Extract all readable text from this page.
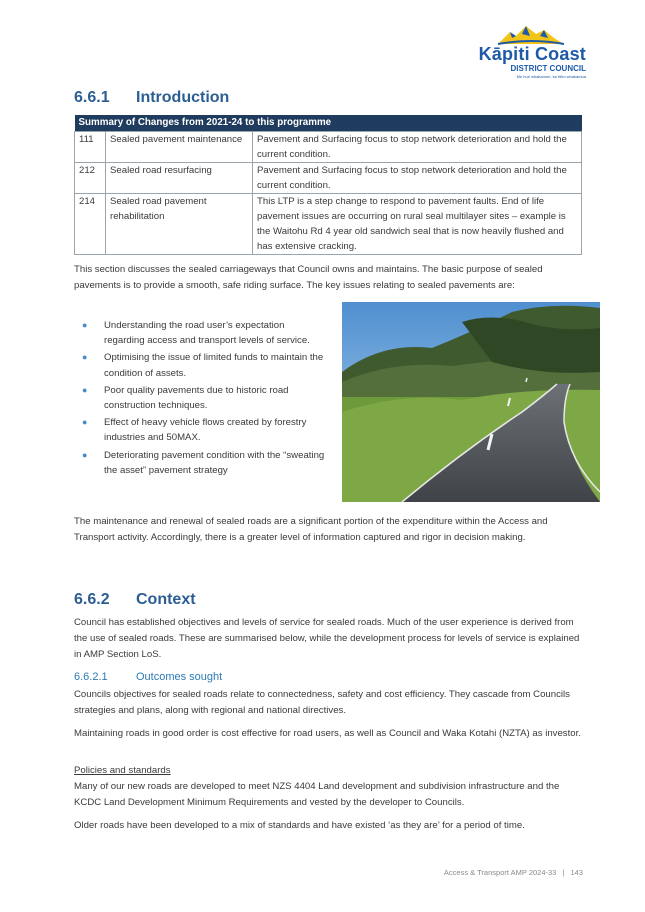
Kāpiti Coast
DISTRICT COUNCIL
Me huri whakamuri, ka titiro whakamua
6.6.1 Introduction
Summary of Changes from 2021-24 to this programme		
111	Sealed pavement maintenance	Pavement and Surfacing focus to stop network deterioration and hold the current condition.
212	Sealed road resurfacing	Pavement and Surfacing focus to stop network deterioration and hold the current condition.
214	Sealed road pavement rehabilitation	This LTP is a step change to respond to pavement faults. End of life pavement issues are occurring on rural seal multilayer sites – example is the Waitohu Rd 4 year old sandwich seal that is now heavily flushed and has extensive cracking.

This section discusses the sealed carriageways that Council owns and maintains. The basic purpose of sealed pavements is to provide a smooth, safe riding surface. The key issues relating to sealed pavements are:

● Understanding the road user’s expectation regarding access and transport levels of service.
● Optimising the issue of limited funds to maintain the condition of assets.
● Poor quality pavements due to historic road construction techniques.
● Effect of heavy vehicle flows created by forestry industries and 50MAX.
● Deteriorating pavement condition with the “sweating the asset” pavement strategy

The maintenance and renewal of sealed roads are a significant portion of the expenditure within the Access and Transport activity. Accordingly, there is a greater level of information captured and rigor in decision making.

6.6.2 Context

Council has established objectives and levels of service for sealed roads. Much of the user experience is derived from the use of sealed roads. These are summarised below, while the development process for levels of service is explained in AMP Section LoS.

6.6.2.1	Outcomes sought

Councils objectives for sealed roads relate to connectedness, safety and cost efficiency. They cascade from Councils strategies and plans, along with regional and national directives.

Maintaining roads in good order is cost effective for road users, as well as Council and Waka Kotahi (NZTA) as investor.

Policies and standards

Many of our new roads are developed to meet NZS 4404 Land development and subdivision infrastructure and the KCDC Land Development Minimum Requirements and vested by the developer to Councils.

Older roads have been developed to a mix of standards and have existed ‘as they are’ for a period of time.

Access & Transport AMP 2024-33 | 143
